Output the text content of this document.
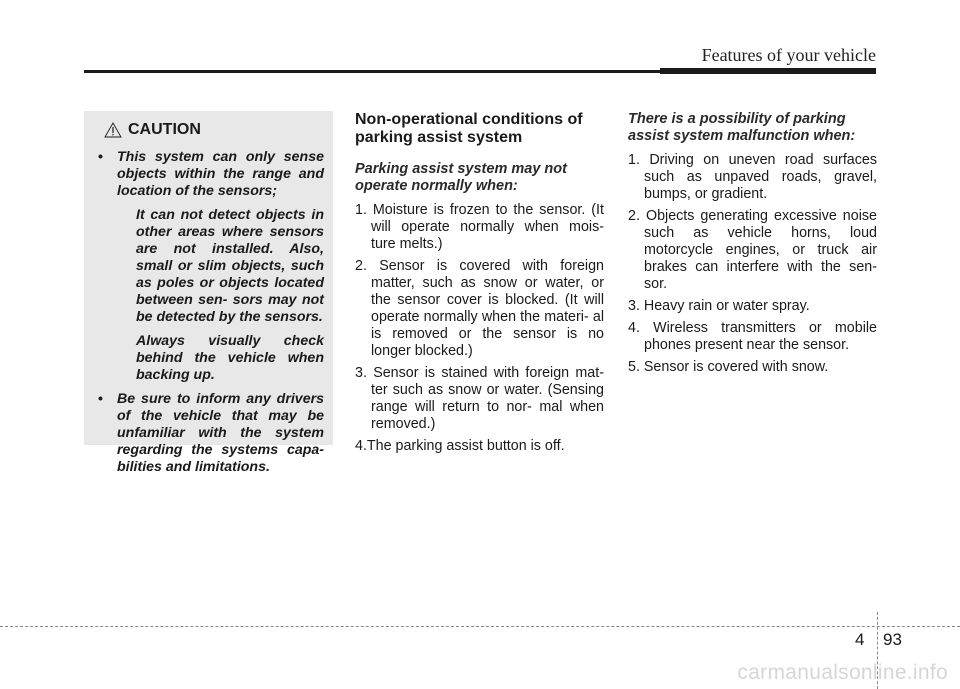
Features of your vehicle
CAUTION
• This system can only sense objects within the range and location of the sensors;

It can not detect objects in other areas where sensors are not installed. Also, small or slim objects, such as poles or objects located between sen- sors may not be detected by the sensors.

Always visually check behind the vehicle when backing up.

• Be sure to inform any drivers of the vehicle that may be unfamiliar with the system regarding the systems capa- bilities and limitations.

Non-operational conditions of parking assist system
Parking assist system may not operate normally when:
1. Moisture is frozen to the sensor. (It will operate normally when mois- ture melts.)
2. Sensor is covered with foreign matter, such as snow or water, or the sensor cover is blocked. (It will operate normally when the materi- al is removed or the sensor is no longer blocked.)
3. Sensor is stained with foreign mat- ter such as snow or water. (Sensing range will return to nor- mal when removed.)
4.The parking assist button is off.
There is a possibility of parking assist system malfunction when:
1. Driving on uneven road surfaces such as unpaved roads, gravel, bumps, or gradient.
2. Objects generating excessive noise such as vehicle horns, loud motorcycle engines, or truck air brakes can interfere with the sen- sor.
3. Heavy rain or water spray.
4. Wireless transmitters or mobile phones present near the sensor.
5. Sensor is covered with snow.
4 93
carmanualsonline.info
